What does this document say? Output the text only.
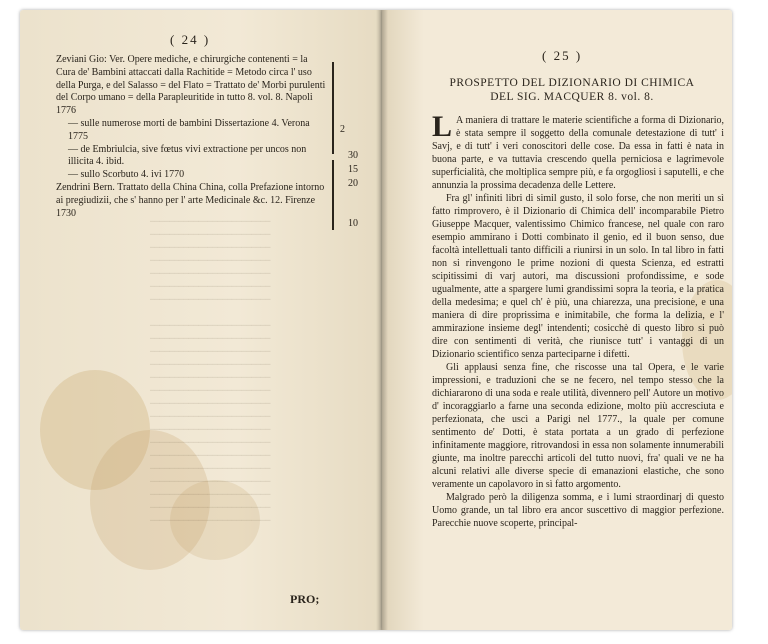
─────────────────────────
─────────────────────────
─────────────────────────
─────────────────────────
─────────────────────────
─────────────────────────
─────────────────────────

─────────────────────────
─────────────────────────
─────────────────────────
─────────────────────────
─────────────────────────
─────────────────────────
─────────────────────────
─────────────────────────
─────────────────────────
─────────────────────────
─────────────────────────
─────────────────────────
─────────────────────────
─────────────────────────
─────────────────────────
─────────────────────────
( 24 )

Zeviani Gio: Ver. Opere mediche, e chirurgiche contenenti = la Cura de' Bambini attaccati dalla Rachitide = Metodo circa l' uso della Purga, e del Salasso = del Flato = Trattato de' Morbi purulenti del Corpo umano = della Parapleuritide in tutto 8. vol. 8. Napoli 1776

— sulle numerose morti de bambini Dissertazione 4. Verona 1775

— de Embriulcia, sive fœtus vivi extractione per uncos non illicita 4. ibid.

— sullo Scorbuto 4. ivi 1770

Zendrini Bern. Trattato della China China, colla Prefazione intorno ai pregiudizii, che s' hanno per l' arte Medicinale &c. 12. Firenze 1730

2
30
15
20
10
PRO;
( 25 )
PROSPETTO DEL DIZIONARIO DI CHIMICA
DEL SIG. MACQUER 8. vol. 8.

L A maniera di trattare le materie scientifiche a forma di Dizionario, è stata sempre il soggetto della comunale detestazione di tutt' i Savj, e di tutt' i veri conoscitori delle cose. Da essa in fatti è nata in buona parte, e va tuttavia crescendo quella perniciosa e lagrimevole superficialità, che moltiplica sempre più, e fa orgogliosi i saputelli, e che annunzia la prossima decadenza delle Lettere.

Fra gl' infiniti libri di simil gusto, il solo forse, che non meriti un sì fatto rimprovero, è il Dizionario di Chimica dell' incomparabile Pietro Giuseppe Macquer, valentissimo Chimico francese, nel quale con raro esempio ammirano i Dotti combinato il genio, ed il buon senso, due facoltà intellettuali tanto difficili a riunirsi in un solo. In tal libro in fatti non si rinvengono le prime nozioni di questa Scienza, ed estratti scipitissimi di varj autori, ma discussioni profondissime, e sode ugualmente, atte a spargere lumi grandissimi sopra la teoria, e la pratica della medesima; e quel ch' è più, una chiarezza, una precisione, e una maniera di dire proprissima e inimitabile, che forma la delizia, e l' ammirazione insieme degl' intendenti; cosicchè di questo libro si può dire con sentimenti di verità, che riunisce tutt' i vantaggi di un Dizionario scientifico senza parteciparne i difetti.

Gli applausi senza fine, che riscosse una tal Opera, e le varie impressioni, e traduzioni che se ne fecero, nel tempo stesso che la dichiararono di una soda e reale utilità, divennero pell' Autore un motivo d' incoraggiarlo a farne una seconda edizione, molto più accresciuta e perfezionata, che uscì a Parigi nel 1777., la quale per comune sentimento de' Dotti, è stata portata a un grado di perfezione infinitamente maggiore, ritrovandosi in essa non solamente innumerabili giunte, ma inoltre parecchi articoli del tutto nuovi, fra' quali ve ne ha alcuni relativi alle diverse specie di emanazioni elastiche, che sono veramente un capolavoro in sì fatto argomento.

Malgrado però la diligenza somma, e i lumi straordinarj di questo Uomo grande, un tal libro era ancor suscettivo di maggior perfezione. Parecchie nuove scoperte, principal-
